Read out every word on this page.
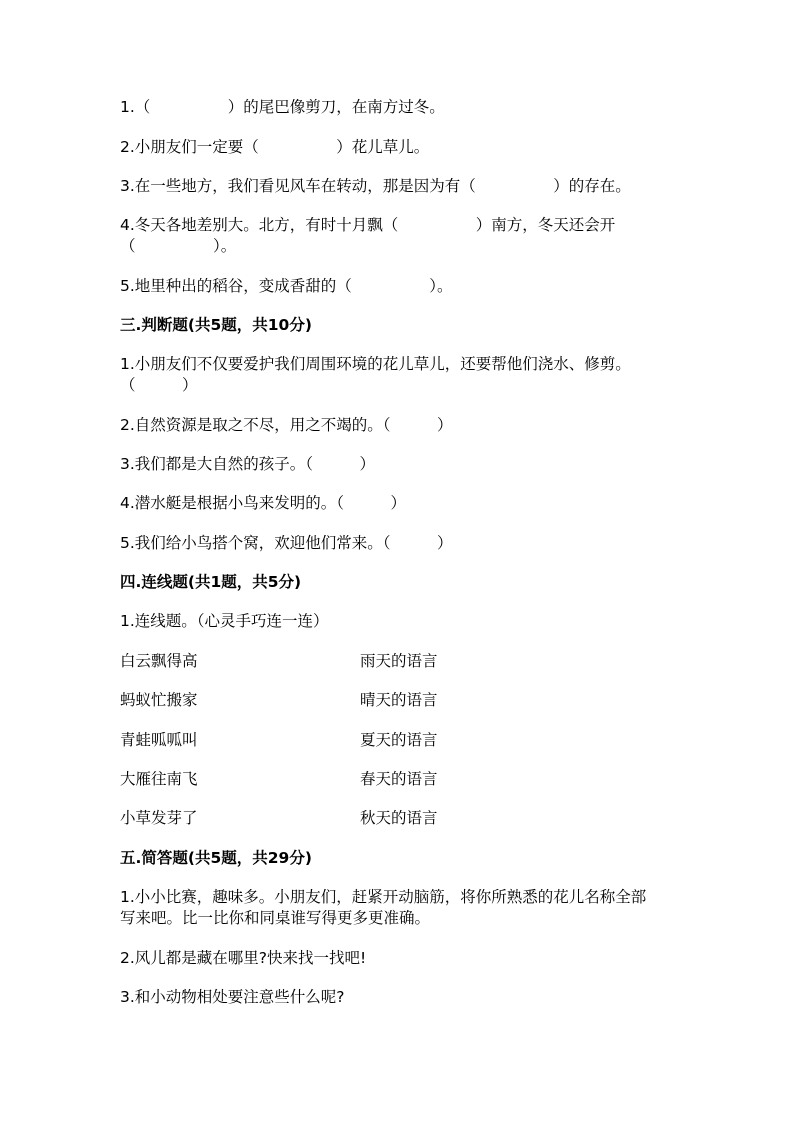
1.（　　　　　）的尾巴像剪刀，在南方过冬。
2.小朋友们一定要（　　　　　）花儿草儿。
3.在一些地方，我们看见风车在转动，那是因为有（　　　　　）的存在。
4.冬天各地差别大。北方，有时十月飘（　　　　　）南方，冬天还会开
（　　　　　）。
5.地里种出的稻谷，变成香甜的（　　　　　）。
三.判断题(共5题，共10分)
1.小朋友们不仅要爱护我们周围环境的花儿草儿，还要帮他们浇水、修剪。
（　　　）
2.自然资源是取之不尽，用之不竭的。（　　　）
3.我们都是大自然的孩子。（　　　）
4.潜水艇是根据小鸟来发明的。（　　　）
5.我们给小鸟搭个窝，欢迎他们常来。（　　　）
四.连线题(共1题，共5分)
1.连线题。（心灵手巧连一连）
白云飘得高	雨天的语言
蚂蚁忙搬家	晴天的语言
青蛙呱呱叫	夏天的语言
大雁往南飞	春天的语言
小草发芽了	秋天的语言
五.简答题(共5题，共29分)
1.小小比赛，趣味多。小朋友们，赶紧开动脑筋，将你所熟悉的花儿名称全部
写来吧。比一比你和同桌谁写得更多更准确。
2.风儿都是藏在哪里?快来找一找吧!
3.和小动物相处要注意些什么呢?
